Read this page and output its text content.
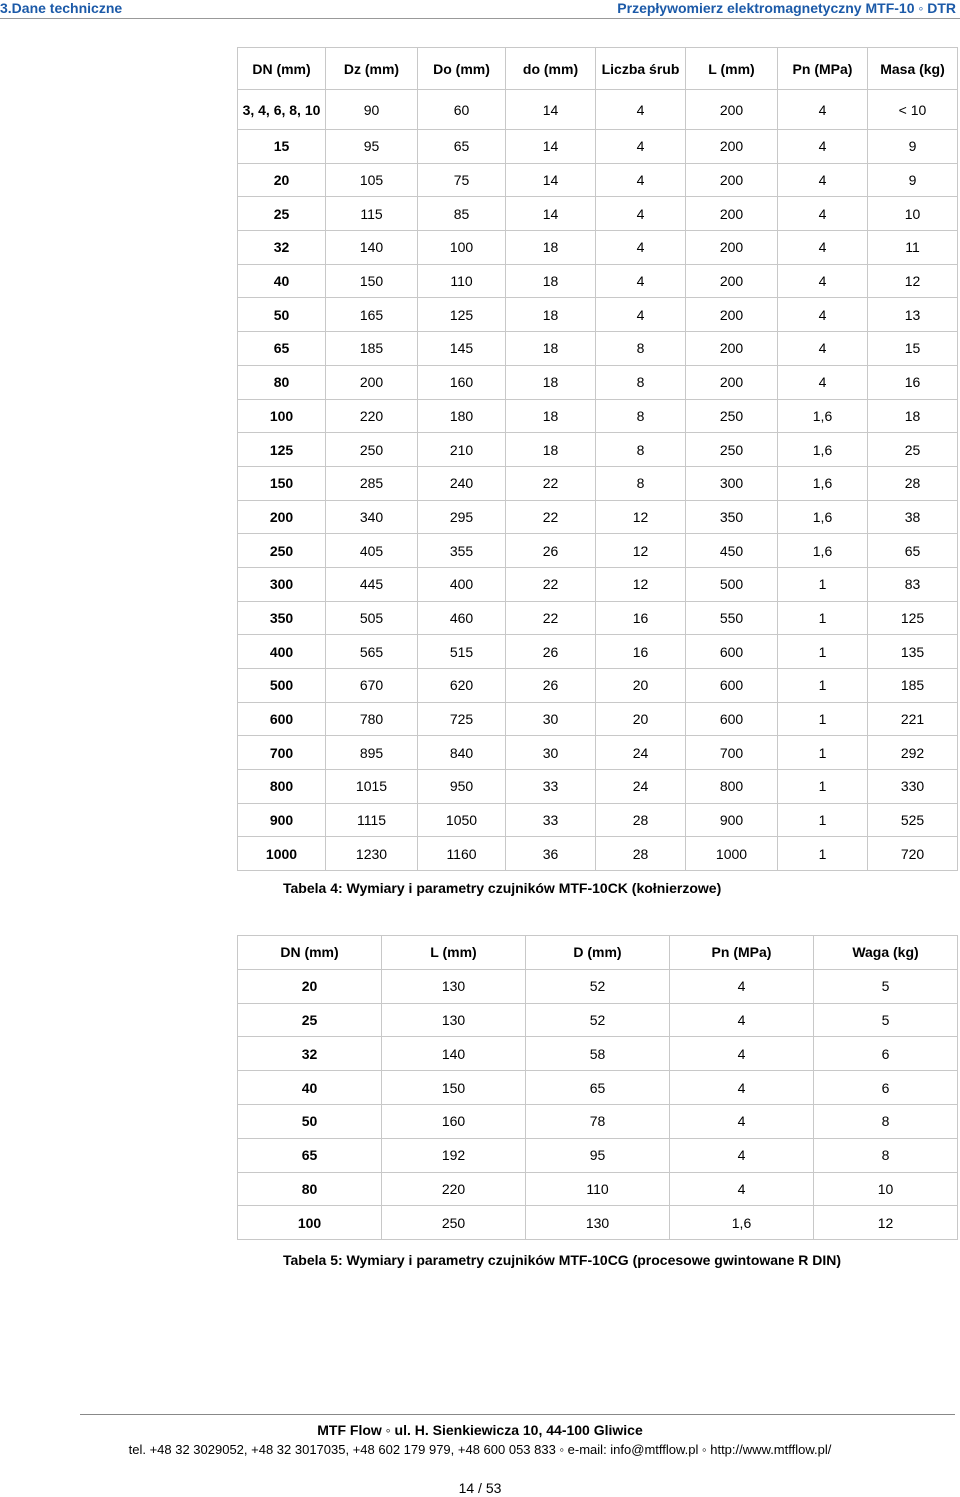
3.Dane techniczne	Przepływomierz elektromagnetyczny MTF-10 ◦ DTR
DN (mm)	Dz (mm)	Do (mm)	do (mm)	Liczba śrub	L (mm)	Pn (MPa)	Masa (kg)
3, 4, 6, 8, 10	90	60	14	4	200	4	< 10
15	95	65	14	4	200	4	9
20	105	75	14	4	200	4	9
25	115	85	14	4	200	4	10
32	140	100	18	4	200	4	11
40	150	110	18	4	200	4	12
50	165	125	18	4	200	4	13
65	185	145	18	8	200	4	15
80	200	160	18	8	200	4	16
100	220	180	18	8	250	1,6	18
125	250	210	18	8	250	1,6	25
150	285	240	22	8	300	1,6	28
200	340	295	22	12	350	1,6	38
250	405	355	26	12	450	1,6	65
300	445	400	22	12	500	1	83
350	505	460	22	16	550	1	125
400	565	515	26	16	600	1	135
500	670	620	26	20	600	1	185
600	780	725	30	20	600	1	221
700	895	840	30	24	700	1	292
800	1015	950	33	24	800	1	330
900	1115	1050	33	28	900	1	525
1000	1230	1160	36	28	1000	1	720
Tabela 4: Wymiary i parametry czujników MTF-10CK (kołnierzowe)
DN (mm)	L (mm)	D (mm)	Pn (MPa)	Waga (kg)
20	130	52	4	5
25	130	52	4	5
32	140	58	4	6
40	150	65	4	6
50	160	78	4	8
65	192	95	4	8
80	220	110	4	10
100	250	130	1,6	12
Tabela 5: Wymiary i parametry czujników MTF-10CG (procesowe gwintowane R DIN)
MTF Flow ◦ ul. H. Sienkiewicza 10, 44-100 Gliwice
tel. +48 32 3029052, +48 32 3017035, +48 602 179 979, +48 600 053 833 ◦ e-mail: info@mtfflow.pl ◦ http://www.mtfflow.pl/
14 / 53
